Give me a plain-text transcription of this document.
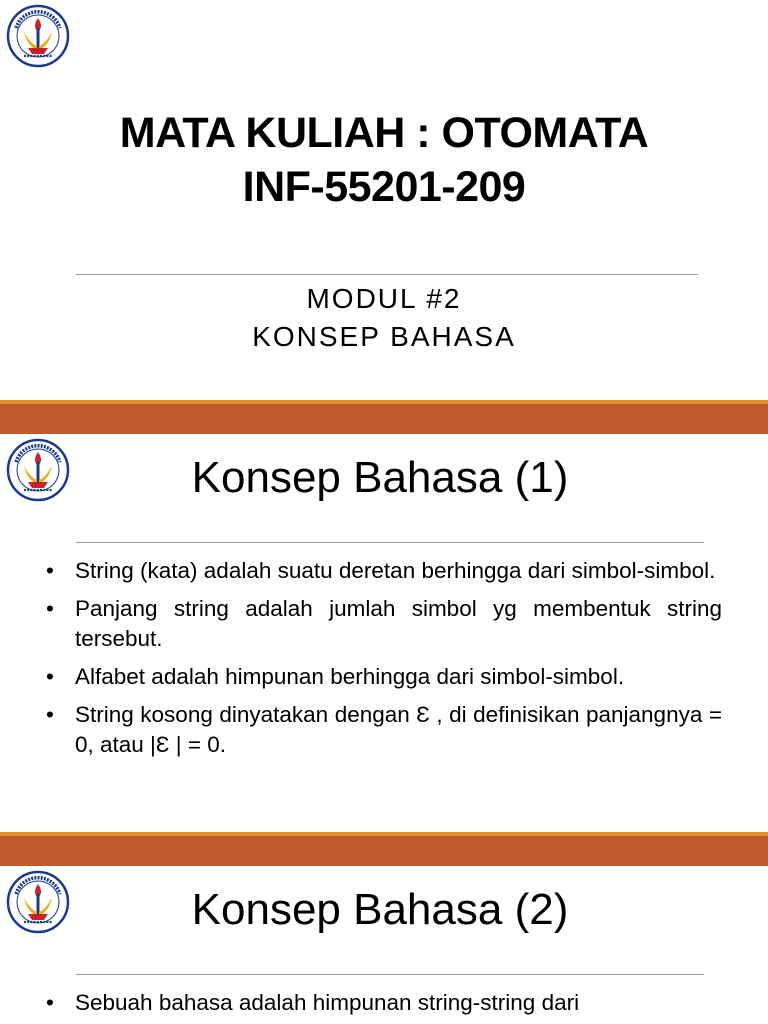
MATA KULIAH : OTOMATA
INF-55201-209
MODUL #2
KONSEP BAHASA
Konsep Bahasa (1)
• String (kata) adalah suatu deretan berhingga dari simbol-simbol.
• Panjang string adalah jumlah simbol yg membentuk string tersebut.
• Alfabet adalah himpunan berhingga dari simbol-simbol.
• String kosong dinyatakan dengan Ɛ , di definisikan panjangnya = 0, atau |Ɛ | = 0.
Konsep Bahasa (2)
• Sebuah bahasa adalah himpunan string-string dari
